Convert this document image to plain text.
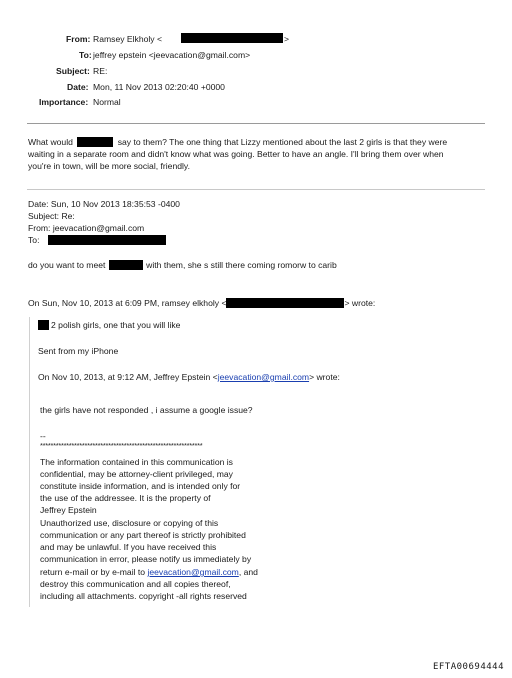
From: Ramsey Elkholy <	>
To: jeffrey epstein <jeevacation@gmail.com>
Subject: RE:
Date: Mon, 11 Nov 2013 02:20:40 +0000
Importance: Normal
What would	say to them? The one thing that Lizzy mentioned about the last 2 girls is that they were
waiting in a separate room and didn't know what was going. Better to have an angle. I'll bring them over when
you're in town, will be more social, friendly.
Date: Sun, 10 Nov 2013 18:35:53 -0400
Subject: Re:
From: jeevacation@gmail.com
To:
do you want to meet	with them, she s still there coming romorw to carib
On Sun, Nov 10, 2013 at 6:09 PM, ramsey elkholy <	> wrote:
2 polish girls, one that you will like
Sent from my iPhone
On Nov 10, 2013, at 9:12 AM, Jeffrey Epstein <jeevacation@gmail.com> wrote:
the girls have not responded , i assume a google issue?
--
**************************************************************
The information contained in this communication is
confidential, may be attorney-client privileged, may
constitute inside information, and is intended only for
the use of the addressee. It is the property of
Jeffrey Epstein
Unauthorized use, disclosure or copying of this
communication or any part thereof is strictly prohibited
and may be unlawful. If you have received this
communication in error, please notify us immediately by
return e-mail or by e-mail to jeevacation@gmail.com, and
destroy this communication and all copies thereof,
including all attachments. copyright -all rights reserved
EFTA00694444
